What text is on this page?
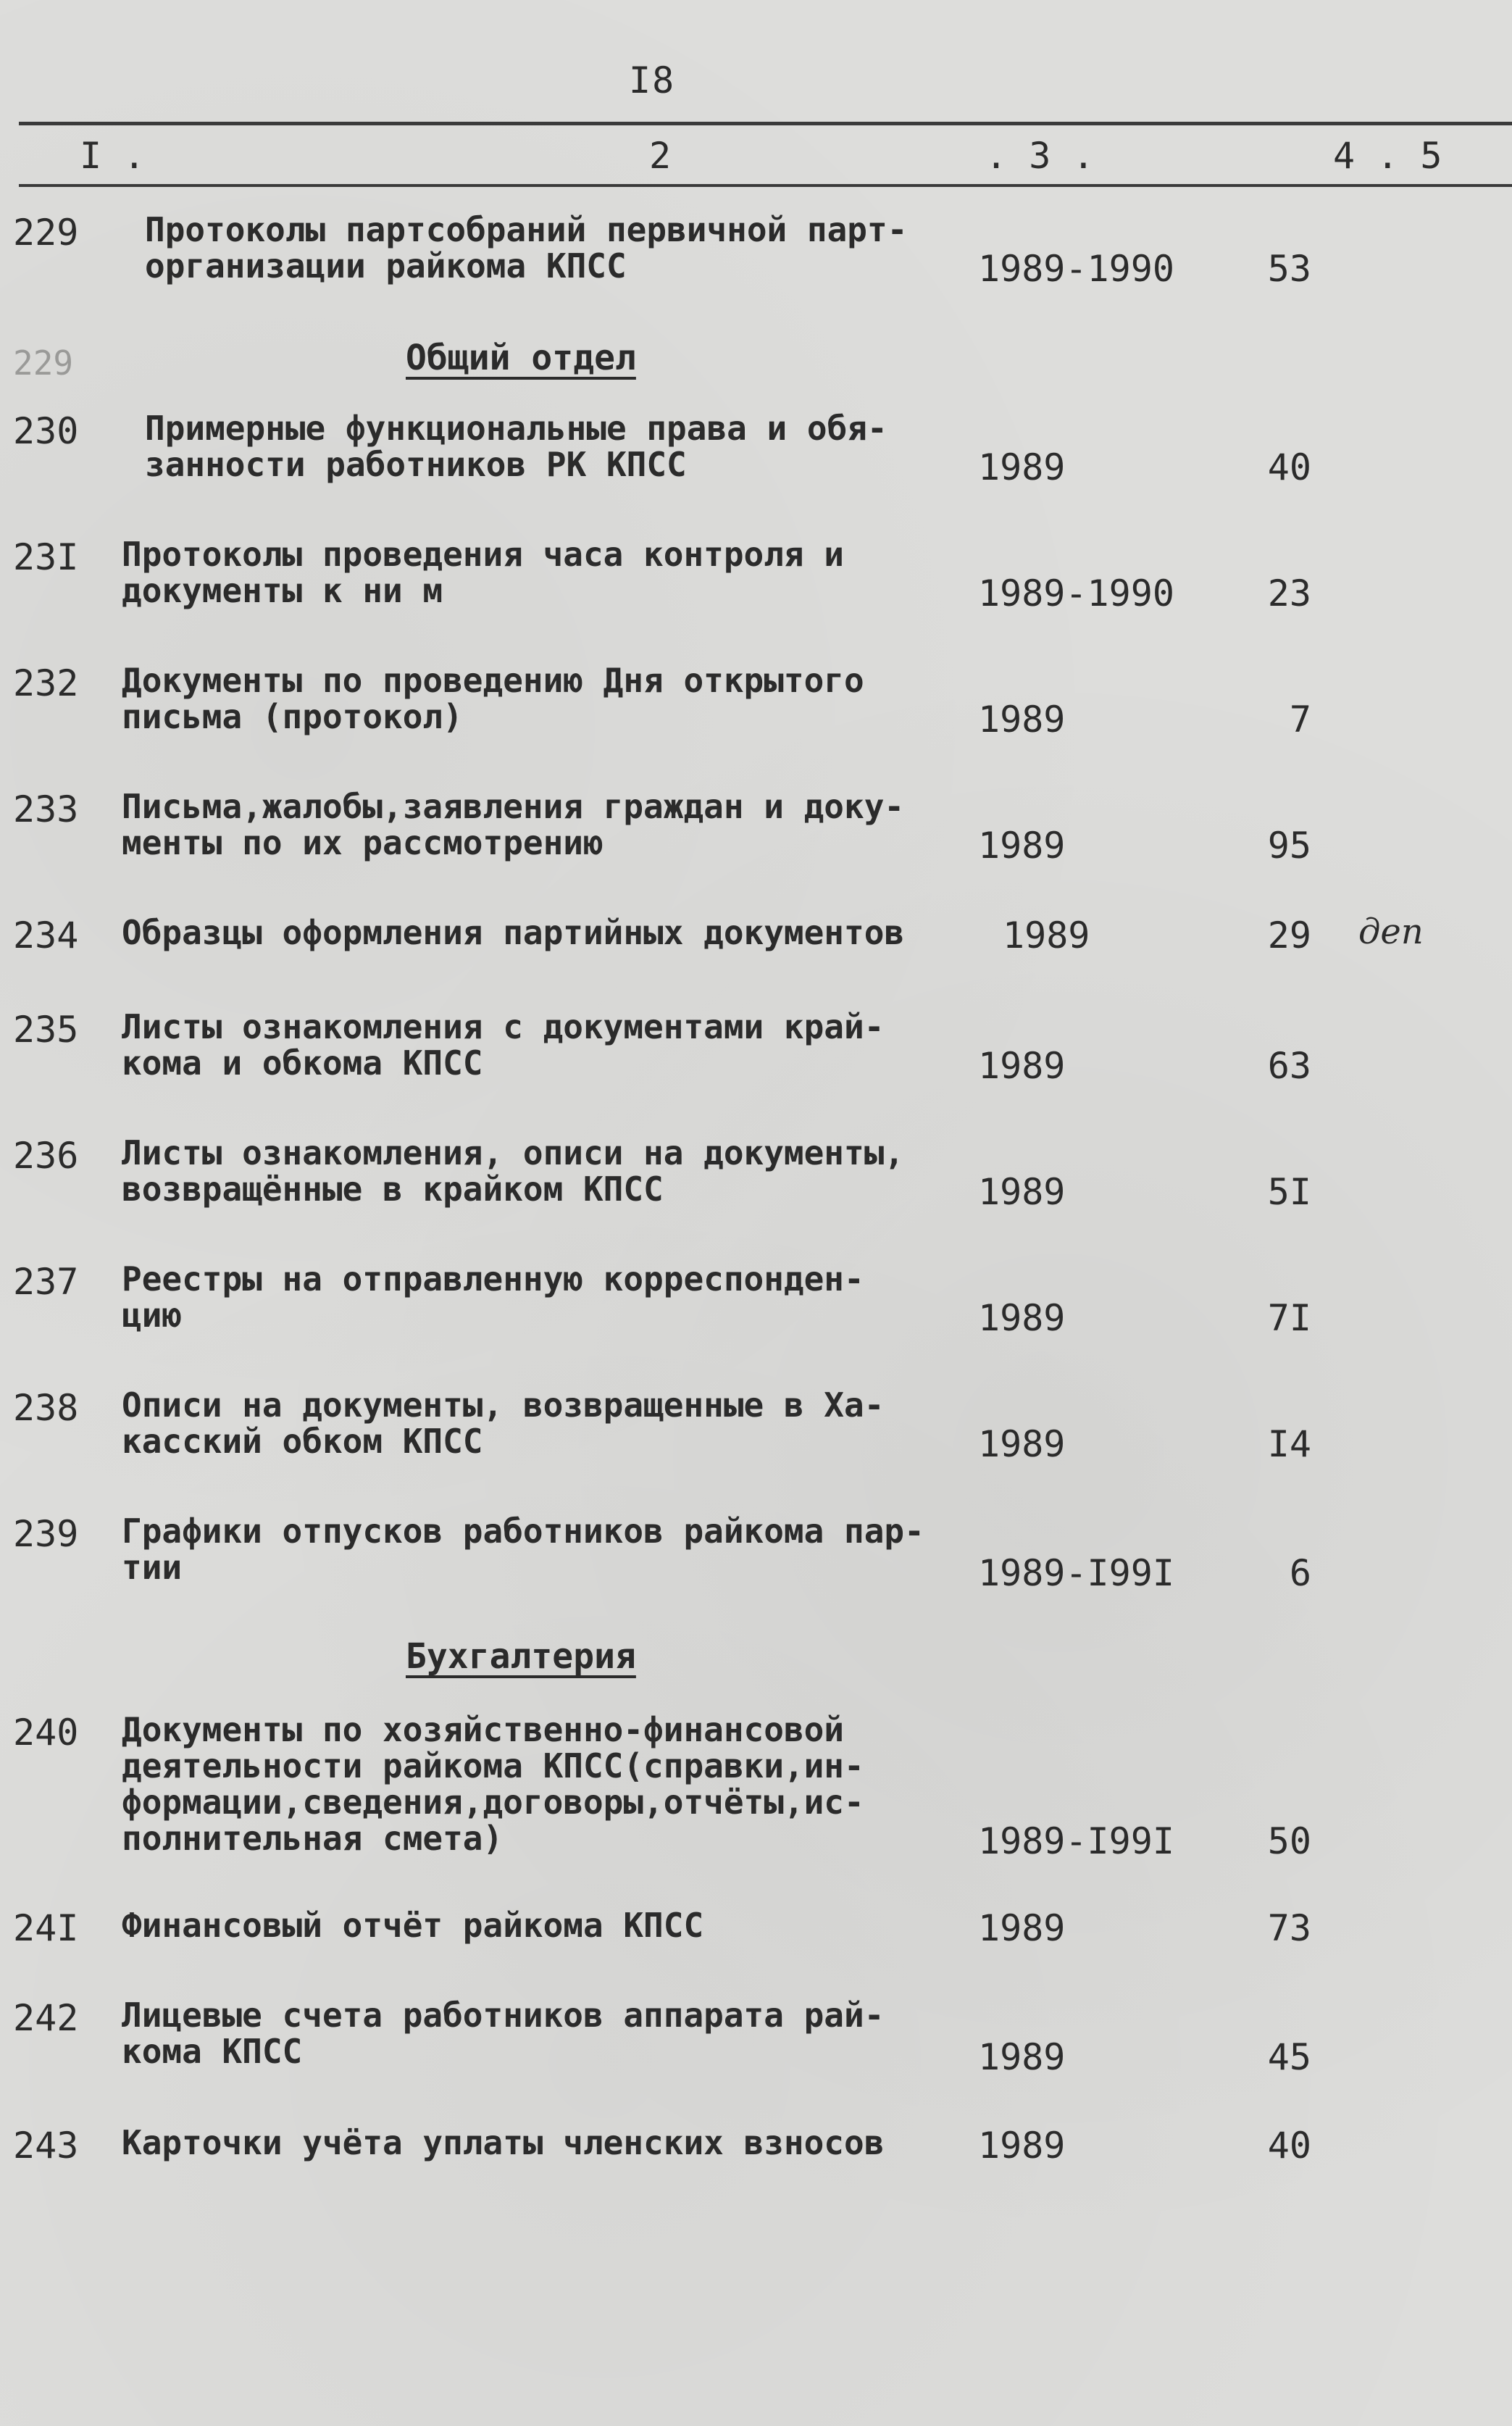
I8
I .	2	. 3 .	4 . 5
229 Протоколы партсобраний первичной парт-
организации райкома КПСС	1989-1990	53
229	Общий отдел
230 Примерные функциональные права и обя-
занности работников РК КПСС	1989	40
23I Протоколы проведения часа контроля и
документы к ни м	1989-1990	23
232 Документы по проведению Дня открытого
письма (протокол)	1989	7
233 Письма,жалобы,заявления граждан и доку-
менты по их рассмотрению	1989	95
234 Образцы оформления партийных документов	1989	29 деп
235 Листы ознакомления с документами край-
кома и обкома КПСС	1989	63
236 Листы ознакомления, описи на документы,
возвращённые в крайком КПСС	1989	5I
237 Реестры на отправленную корреспонден-
цию	1989	7I
238 Описи на документы, возвращенные в Ха-
касский обком КПСС	1989	I4
239 Графики отпусков работников райкома пар-
тии	1989-I99I	6
Бухгалтерия
240 Документы по хозяйственно-финансовой
деятельности райкома КПСС(справки,ин-
формации,сведения,договоры,отчёты,ис-
полнительная смета)	1989-I99I	50
24I Финансовый отчёт райкома КПСС	1989	73
242 Лицевые счета работников аппарата рай-
кома КПСС	1989	45
243 Карточки учёта уплаты членских взносов	1989	40
